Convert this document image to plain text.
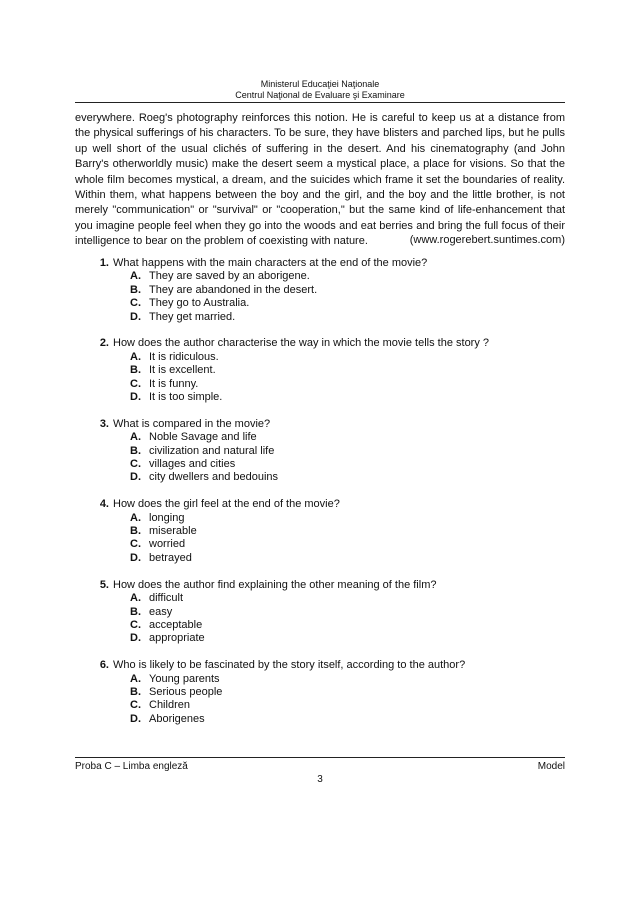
Ministerul Educaţiei Naţionale
Centrul Naţional de Evaluare şi Examinare

everywhere. Roeg's photography reinforces this notion. He is careful to keep us at a distance from the physical sufferings of his characters. To be sure, they have blisters and parched lips, but he pulls up well short of the usual clichés of suffering in the desert. And his cinematography (and John Barry's otherworldly music) make the desert seem a mystical place, a place for visions. So that the whole film becomes mystical, a dream, and the suicides which frame it set the boundaries of reality. Within them, what happens between the boy and the girl, and the boy and the little brother, is not merely "communication" or "survival" or "cooperation," but the same kind of life-enhancement that you imagine people feel when they go into the woods and eat berries and bring the full focus of their intelligence to bear on the problem of coexisting with nature.	(www.rogerebert.suntimes.com)
1. What happens with the main characters at the end of the movie?
A. They are saved by an aborigene.
B. They are abandoned in the desert.
C. They go to Australia.
D. They get married.
2. How does the author characterise the way in which the movie tells the story ?
A. It is ridiculous.
B. It is excellent.
C. It is funny.
D. It is too simple.
3. What is compared in the movie?
A. Noble Savage and life
B. civilization and natural life
C. villages and cities
D. city dwellers and bedouins
4. How does the girl feel at the end of the movie?
A. longing
B. miserable
C. worried
D. betrayed
5. How does the author find explaining the other meaning of the film?
A. difficult
B. easy
C. acceptable
D. appropriate
6. Who is likely to be fascinated by the story itself, according to the author?
A. Young parents
B. Serious people
C. Children
D. Aborigenes
Proba C – Limba engleză	Model
3
